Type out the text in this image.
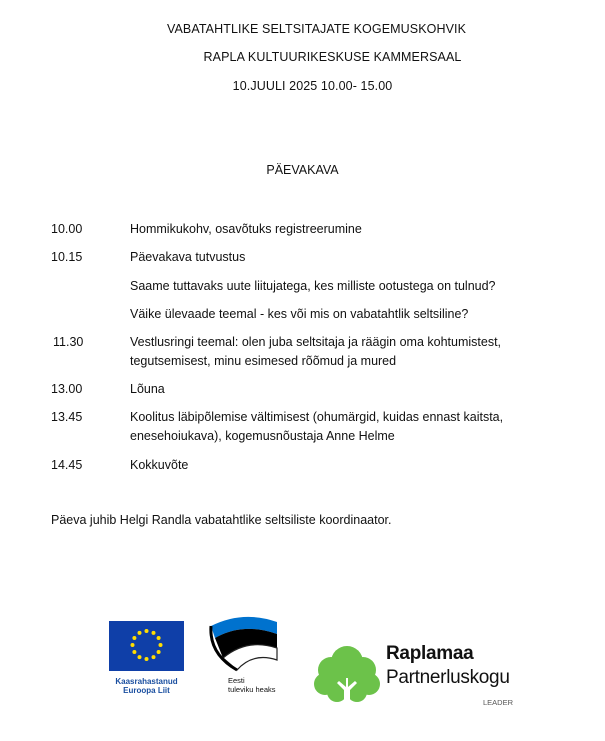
VABATAHTLIKE SELTSITAJATE KOGEMUSKOHVIK
RAPLA KULTUURIKESKUSE KAMMERSAAL
10.JUULI 2025 10.00- 15.00
PÄEVAKAVA
10.00	Hommikukohv, osavõtuks registreerumine
10.15	Päevakava tutvustus
Saame tuttavaks uute liitujatega, kes milliste ootustega on tulnud?
Väike ülevaade teemal - kes või mis on vabatahtlik seltsiline?
11.30	Vestlusringi teemal: olen juba seltsitaja ja räägin oma kohtumistest, tegutsemisest, minu esimesed rõõmud ja mured
13.00	Lõuna
13.45	Koolitus läbipõlemise vältimisest (ohumärgid, kuidas ennast kaitsta, enesehoiukava), kogemusnõustaja Anne Helme
14.45	Kokkuvõte
Päeva juhib Helgi Randla vabatahtlike seltsiliste koordinaator.
Kaasrahastanud
Euroopa Liit
Eesti
tuleviku heaks
Raplamaa
Partnerluskogu
LEADER
